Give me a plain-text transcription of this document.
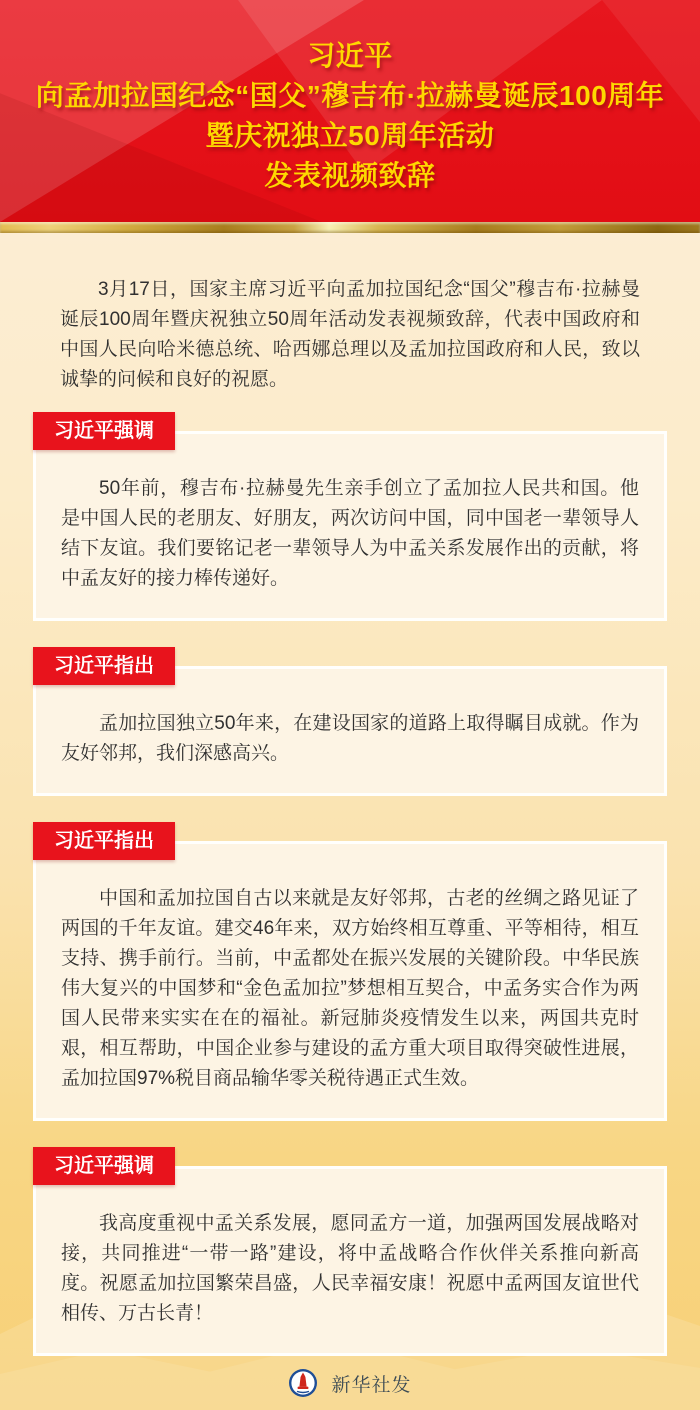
习近平
向孟加拉国纪念“国父”穆吉布·拉赫曼诞辰100周年
暨庆祝独立50周年活动
发表视频致辞

3月17日，国家主席习近平向孟加拉国纪念“国父”穆吉布·拉赫曼诞辰100周年暨庆祝独立50周年活动发表视频致辞，代表中国政府和中国人民向哈米德总统、哈西娜总理以及孟加拉国政府和人民，致以诚挚的问候和良好的祝愿。

习近平强调

50年前，穆吉布·拉赫曼先生亲手创立了孟加拉人民共和国。他是中国人民的老朋友、好朋友，两次访问中国，同中国老一辈领导人结下友谊。我们要铭记老一辈领导人为中孟关系发展作出的贡献，将中孟友好的接力棒传递好。

习近平指出

孟加拉国独立50年来，在建设国家的道路上取得瞩目成就。作为友好邻邦，我们深感高兴。

习近平指出

中国和孟加拉国自古以来就是友好邻邦，古老的丝绸之路见证了两国的千年友谊。建交46年来，双方始终相互尊重、平等相待，相互支持、携手前行。当前，中孟都处在振兴发展的关键阶段。中华民族伟大复兴的中国梦和“金色孟加拉”梦想相互契合，中孟务实合作为两国人民带来实实在在的福祉。新冠肺炎疫情发生以来，两国共克时艰，相互帮助，中国企业参与建设的孟方重大项目取得突破性进展，孟加拉国97%税目商品输华零关税待遇正式生效。

习近平强调

我高度重视中孟关系发展，愿同孟方一道，加强两国发展战略对接，共同推进“一带一路”建设，将中孟战略合作伙伴关系推向新高度。祝愿孟加拉国繁荣昌盛，人民幸福安康！祝愿中孟两国友谊世代相传、万古长青！

新华社发
